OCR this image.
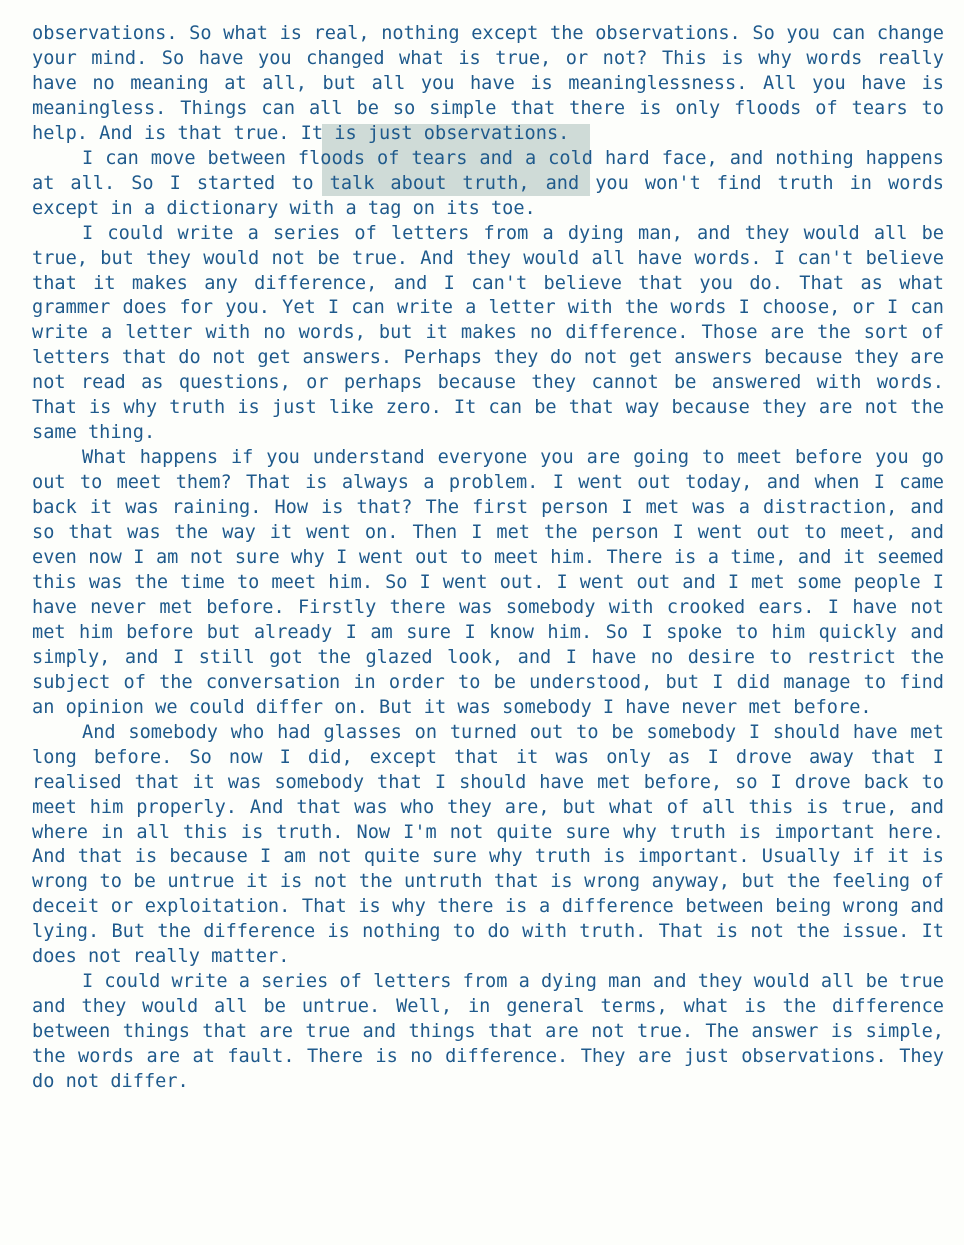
observations. So what is real, nothing except the observations. So you can change your mind. So have you changed what is true, or not? This is why words really have no meaning at all, but all you have is meaninglessness. All you have is meaningless. Things can all be so simple that there is only floods of tears to help. And is that true. It is just observations.

I can move between floods of tears and a cold hard face, and nothing happens at all. So I started to talk about truth, and you won't find truth in words except in a dictionary with a tag on its toe.

I could write a series of letters from a dying man, and they would all be true, but they would not be true. And they would all have words. I can't believe that it makes any difference, and I can't believe that you do. That as what grammer does for you. Yet I can write a letter with the words I choose, or I can write a letter with no words, but it makes no difference. Those are the sort of letters that do not get answers. Perhaps they do not get answers because they are not read as questions, or perhaps because they cannot be answered with words. That is why truth is just like zero. It can be that way because they are not the same thing.

What happens if you understand everyone you are going to meet before you go out to meet them? That is always a problem. I went out today, and when I came back it was raining. How is that? The first person I met was a distraction, and so that was the way it went on. Then I met the person I went out to meet, and even now I am not sure why I went out to meet him. There is a time, and it seemed this was the time to meet him. So I went out. I went out and I met some people I have never met before. Firstly there was somebody with crooked ears. I have not met him before but already I am sure I know him. So I spoke to him quickly and simply, and I still got the glazed look, and I have no desire to restrict the subject of the conversation in order to be understood, but I did manage to find an opinion we could differ on. But it was somebody I have never met before.

And somebody who had glasses on turned out to be somebody I should have met long before. So now I did, except that it was only as I drove away that I realised that it was somebody that I should have met before, so I drove back to meet him properly. And that was who they are, but what of all this is true, and where in all this is truth. Now I'm not quite sure why truth is important here. And that is because I am not quite sure why truth is important. Usually if it is wrong to be untrue it is not the untruth that is wrong anyway, but the feeling of deceit or exploitation. That is why there is a difference between being wrong and lying. But the difference is nothing to do with truth. That is not the issue. It does not really matter.

I could write a series of letters from a dying man and they would all be true and they would all be untrue. Well, in general terms, what is the difference between things that are true and things that are not true. The answer is simple, the words are at fault. There is no difference. They are just observations. They do not differ.
